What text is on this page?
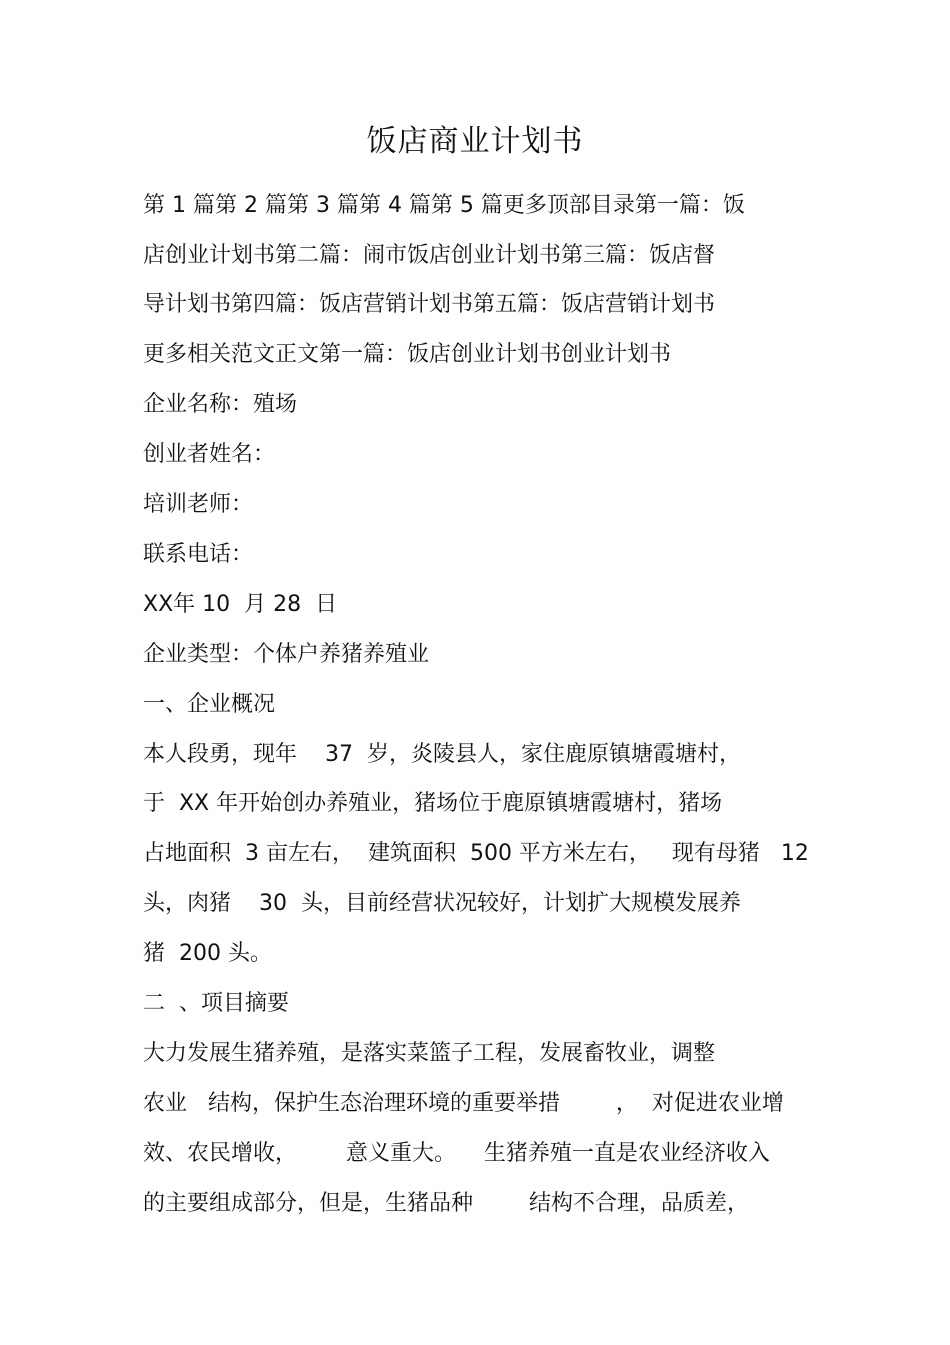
饭店商业计划书
第 1 篇第 2 篇第 3 篇第 4 篇第 5 篇更多顶部目录第一篇：饭
店创业计划书第二篇：闹市饭店创业计划书第三篇：饭店督
导计划书第四篇：饭店营销计划书第五篇：饭店营销计划书
更多相关范文正文第一篇：饭店创业计划书创业计划书
企业名称：殖场
创业者姓名：
培训老师：
联系电话：
XX年 10  月 28  日
企业类型：个体户养猪养殖业
一、企业概况
本人段勇，现年    37  岁，炎陵县人，家住鹿原镇塘霞塘村，
于  XX 年开始创办养殖业，猪场位于鹿原镇塘霞塘村，猪场
占地面积  3 亩左右，  建筑面积  500 平方米左右，   现有母猪   12
头，肉猪    30  头，目前经营状况较好，计划扩大规模发展养
猪  200 头。
二  、项目摘要
大力发展生猪养殖，是落实菜篮子工程，发展畜牧业，调整
农业   结构，保护生态治理环境的重要举措        ，  对促进农业增
效、农民增收，       意义重大。    生猪养殖一直是农业经济收入
的主要组成部分，但是，生猪品种        结构不合理，品质差，
